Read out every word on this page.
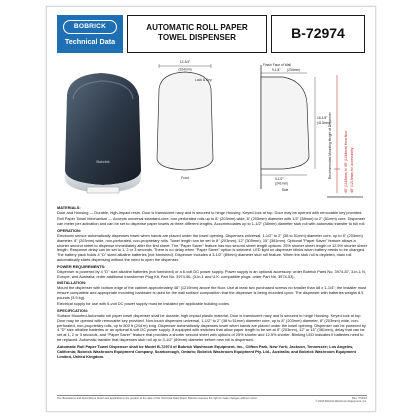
BOBRICK
Technical Data
AUTOMATIC ROLL PAPER
TOWEL DISPENSER	B-72974
Bobrick
12-3/4"
(324mm)
Lock & Key
Front
Finish Face of Wall
9-1/4" (234mm)
16-1/4"
(413mm)
9-1/2"
(241mm)
Side
Recommended Mounting Height of Dispenser	45" (1143mm) to 49" (1244mm) from floor 48" (1219mm) for accessibility
MATERIALS:

Door and Housing — Durable, high-impact resin. Door is translucent navy and is secured to hinge Housing. Keyed lock at top. Door may be opened with removable key provided.

Roll Paper Towel Mechanism — Accepts universal standard-core, non-perforated rolls up to 8" (203mm) wide, 8" (203mm) diameter with 1.5" (38mm) to 2" (51mm) core. Dispenser can meter per activation and can be set to dispense paper towels at three different lengths. Accommodates up to 1-1/2" (38mm) diameter stub roll with automatic transfer to full roll.

OPERATION:

Electronic sensor automatically dispenses towel when hands are placed under the towel opening. Dispenses universal, 1-1/2" to 2" (38 to 51mm) diameter core, up to 8" (203mm) diameter, 8" (203mm) wide, non-perforated, non-proprietary rolls. Towel length can be set to 8" (203mm), 12" (305mm), 15" (381mm). Optional "Paper Saver" feature allows a shorter second sheet to dispense immediately after the first sheet. The "Paper Saver" feature has two second sheet length options: 25% shorter sheet length or 12.5% shorter sheet length. Response delay can be set to 1, 2 or 3 seconds. There is no delay when "Paper Saver" option is selected. LED light on dispenser blinks when battery needs to be changed. The battery pack holds 4 "D" sized alkaline batteries (not furnished). Dispenser includes a 3-1/2" (89mm) diameter stub roll feature. When the stub roll is depleted, main roll automatically starts dispensing without the need to open the dispenser.

POWER REQUIREMENTS:

Dispenser is powered by 4 "D" size alkaline batteries (not furnished) or a 6-volt DC power supply. Power supply is an optional accessory: order Bobrick Parts No. 3974-87, 3-in-1 N, Europe, and Australia; order additional transformer Plug Kit, Part No. 3974-56, (3-in-1 and U.K. compatible plugs, order Part No. 3974-53).

INSTALLATION:

Mount the dispenser with bottom edge of the cabinet approximately 48" (1219mm) above the floor. Use at least two purchased screws no smaller than #8 x 1-1/4"; the installer must ensure compatible and appropriate mounting hardware is used for the wall surface composition that the dispenser is being mounted upon. The dispenser with batteries weighs 8.5 pounds (3.9 kg).

Electrical supply for use with 6-volt DC power supply must be installed per applicable building codes.

SPECIFICATION:

Surface Mounted Automatic roll paper towel dispenser shall be durable, high impact plastic material. Door is translucent navy and is secured to hinge Housing. Keyed lock at top. Door may be opened with removable key provided. Non-touch dispenses universal, 1-1/2" to 2" (38 to 51mm) diameter core, up to 8" (203mm) diameter, 8" (203mm) wide, non-perforated, non-proprietary rolls, up to 800 ft (244 m) long. Dispenser automatically dispenses towel when hands are placed under the towel opening. Dispenser can be powered by 4 "D" size alkaline batteries or an optional 6-volt DC power supply. If equipped with switches that allow paper length to be set at 8" (203mm), 12" or 15" (381mm), delay that can be set at 1, 2 or 3 seconds, and "Paper Saver" feature that provides a shorter second sheet with options of 25% shorter and 12.5% shorter. Blinking LED indicates if batteries need to be replaced. Automatic transfer that dispenses stub roll up to 3-1/2" (89mm) diameter before new roll is dispensed.

Automatic Roll Paper Towel Dispenser shall be Model B-72974 of Bobrick Washroom Equipment, Inc., Clifton Park, New York; Jackson, Tennessee; Los Angeles, California; Bobrick Washroom Equipment Company, Scarborough, Ontario; Bobrick Washroom Equipment Pty. Ltd., Australia; and Bobrick Washroom Equipment Limited, United Kingdom.

The illustrations and descriptions herein are applicable to the product at the date of this Technical Data Sheet. Bobrick reserves the right to make changes without notice.	Rev. 7/14/16
© 2016 Bobrick Washroom Equipment, Inc.
